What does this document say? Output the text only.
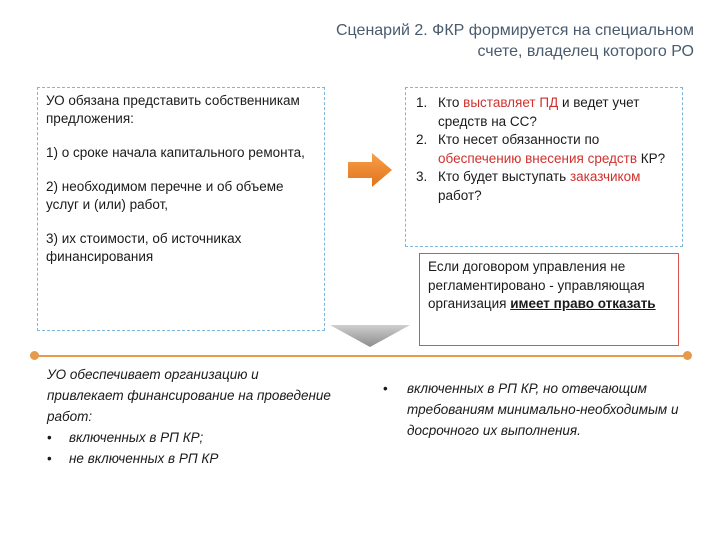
Сценарий 2. ФКР формируется на специальном
счете, владелец которого РО

УО обязана представить собственникам предложения:

1) о сроке начала капитального ремонта,

2) необходимом перечне и об объеме услуг и (или) работ,

3) их стоимости, об источниках финансирования

1. Кто выставляет ПД и ведет учет средств на СС?
2. Кто несет обязанности по обеспечению внесения средств КР?
3. Кто будет выступать заказчиком работ?
Если договором управления не регламентировано - управляющая организация имеет право отказать
УО обеспечивает организацию и привлекает финансирование на проведение работ:
• включенных в РП КР;
• не включенных в РП КР
•	включенных в РП КР, но отвечающим требованиям минимально-необходимым и досрочного их выполнения.
